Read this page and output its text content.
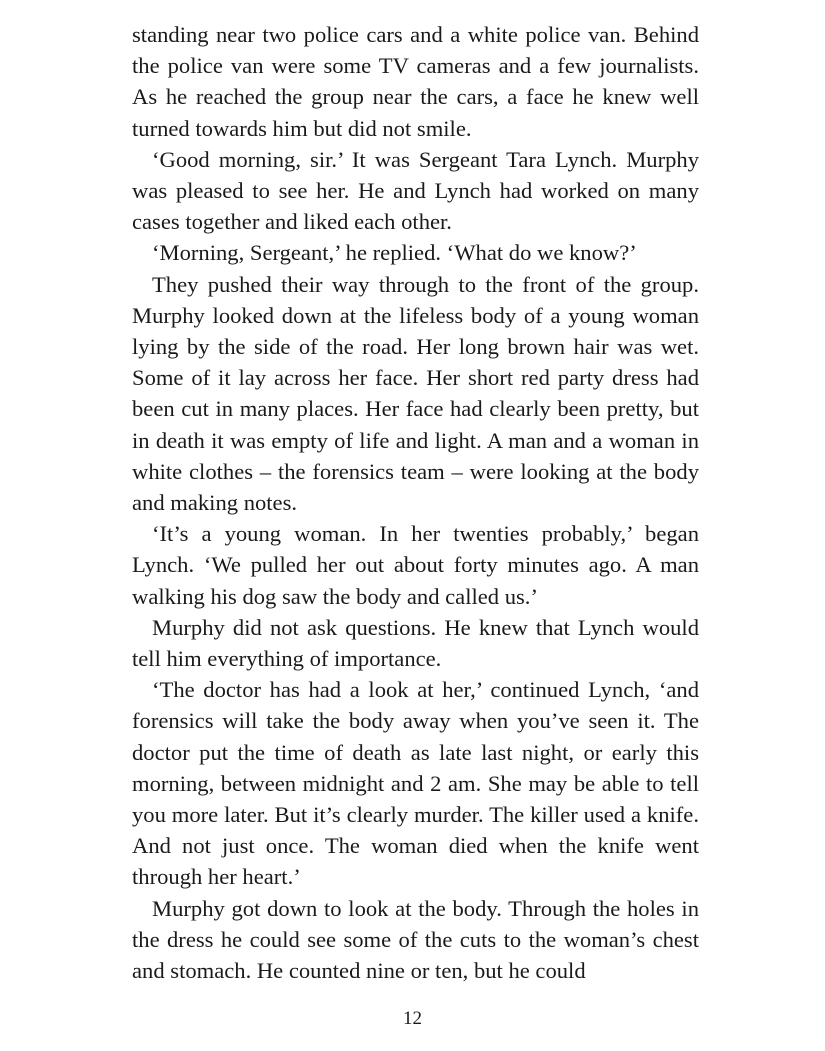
standing near two police cars and a white police van. Behind the police van were some TV cameras and a few journalists. As he reached the group near the cars, a face he knew well turned towards him but did not smile.

‘Good morning, sir.’ It was Sergeant Tara Lynch. Murphy was pleased to see her. He and Lynch had worked on many cases together and liked each other.

‘Morning, Sergeant,’ he replied. ‘What do we know?’

They pushed their way through to the front of the group. Murphy looked down at the lifeless body of a young woman lying by the side of the road. Her long brown hair was wet. Some of it lay across her face. Her short red party dress had been cut in many places. Her face had clearly been pretty, but in death it was empty of life and light. A man and a woman in white clothes – the forensics team – were looking at the body and making notes.

‘It’s a young woman. In her twenties probably,’ began Lynch. ‘We pulled her out about forty minutes ago. A man walking his dog saw the body and called us.’

Murphy did not ask questions. He knew that Lynch would tell him everything of importance.

‘The doctor has had a look at her,’ continued Lynch, ‘and forensics will take the body away when you’ve seen it. The doctor put the time of death as late last night, or early this morning, between midnight and 2 am. She may be able to tell you more later. But it’s clearly murder. The killer used a knife. And not just once. The woman died when the knife went through her heart.’

Murphy got down to look at the body. Through the holes in the dress he could see some of the cuts to the woman’s chest and stomach. He counted nine or ten, but he could

12
